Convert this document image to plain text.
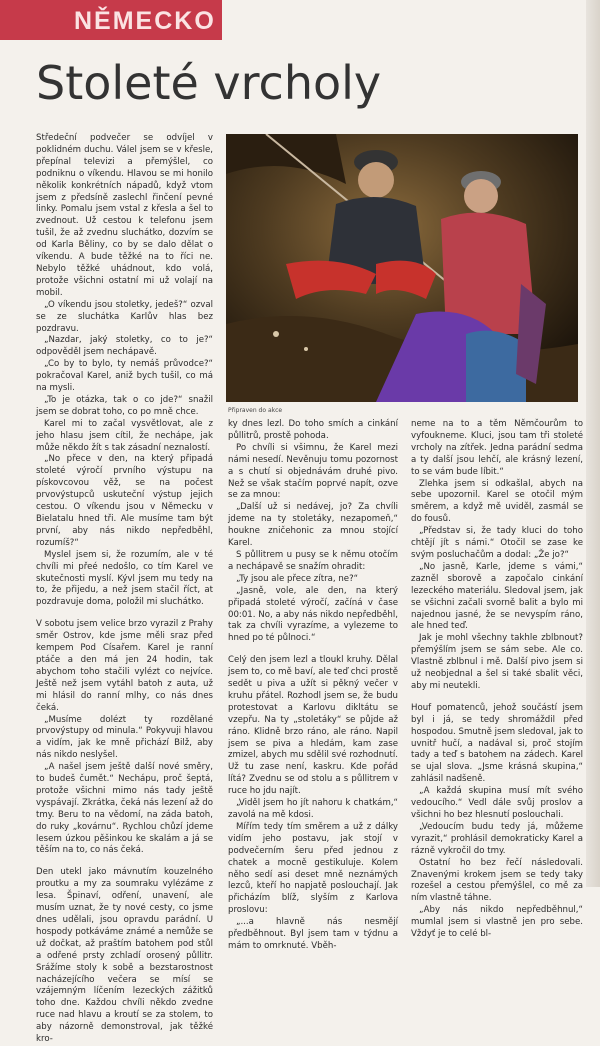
NĚMECKO
Stoleté vrcholy
Připraven do akce

Středeční podvečer se odvíjel v poklidném duchu. Válel jsem se v křesle, přepínal televizi a přemýšlel, co podniknu o víkendu. Hlavou se mi honilo několik konkrétních nápadů, když vtom jsem z předsíně zaslechl řinčení pevné linky. Pomalu jsem vstal z křesla a šel to zvednout. Už cestou k telefonu jsem tušil, že až zvednu sluchátko, dozvím se od Karla Běliny, co by se dalo dělat o víkendu. A bude těžké na to říci ne. Nebylo těžké uhádnout, kdo volá, protože všichni ostatní mi už volají na mobil.

„O víkendu jsou stoletky, jedeš?“ ozval se ze sluchátka Karlův hlas bez pozdravu.

„Nazdar, jaký stoletky, co to je?“ odpověděl jsem nechápavě.

„Co by to bylo, ty nemáš průvodce?“ pokračoval Karel, aniž bych tušil, co má na mysli.

„To je otázka, tak o co jde?“ snažil jsem se dobrat toho, co po mně chce.

Karel mi to začal vysvětlovat, ale z jeho hlasu jsem cítil, že nechápe, jak může někdo žít s tak zásadní neznalostí.

„No přece v den, na který připadá stoleté výročí prvního výstupu na pískovcovou věž, se na počest prvovýstupců uskuteční výstup jejich cestou. O víkendu jsou v Německu v Bielatalu hned tři. Ale musíme tam být první, aby nás nikdo nepředběhl, rozumíš?“

Myslel jsem si, že rozumím, ale v té chvíli mi přeé nedošlo, co tím Karel ve skutečnosti myslí. Kývl jsem mu tedy na to, že přijedu, a než jsem stačil říct, at pozdravuje doma, položil mi sluchátko.

V sobotu jsem velice brzo vyrazil z Prahy směr Ostrov, kde jsme měli sraz před kempem Pod Císařem. Karel je ranní ptáče a den má jen 24 hodin, tak abychom toho stačili vylézt co nejvíce. Ještě než jsem vytáhl batoh z auta, už mi hlásil do ranní mlhy, co nás dnes čeká.

„Musíme dolézt ty rozdělané prvovýstupy od minula.“ Pokyvuji hlavou a vidím, jak ke mně přichází Bilž, aby nás nikdo neslyšel.

„A našel jsem ještě další nové směry, to budeš čumět.“ Nechápu, proč šeptá, protože všichni mimo nás tady ještě vyspávají. Zkrátka, čeká nás lezení až do tmy. Beru to na vědomí, na záda batoh, do ruky „kovárnu“. Rychlou chůzí jdeme lesem úzkou pěšinkou ke skalám a já se těším na to, co nás čeká.

Den utekl jako mávnutím kouzelného proutku a my za soumraku vylézáme z lesa. Špinaví, odření, unavení, ale musím uznat, že ty nové cesty, co jsme dnes udělali, jsou opravdu parádní. U hospody potkáváme známé a nemůže se už dočkat, až praštím batohem pod stůl a odřené prsty zchladí orosený půllitr. Srážíme stoly k sobě a bezstarostnost nacházejícího večera se mísí se vzájemným líčením lezeckých zážitků toho dne. Každou chvíli někdo zvedne ruce nad hlavu a kroutí se za stolem, to aby názorně demonstroval, jak těžké kro-

ky dnes lezl. Do toho smích a cinkání půllitrů, prostě pohoda.

Po chvíli si všimnu, že Karel mezi námi nesedí. Nevěnuju tomu pozornost a s chutí si objednávám druhé pivo. Než se však stačím poprvé napít, ozve se za mnou:

„Další už si nedávej, jo? Za chvíli jdeme na ty stoletáky, nezapomeň,“ houkne zničehonic za mnou stojící Karel.

S půllitrem u pusy se k němu otočím a nechápavě se snažím ohradit:

„Ty jsou ale přece zítra, ne?“

„Jasně, vole, ale den, na který připadá stoleté výročí, začíná v čase 00:01. No, a aby nás nikdo nepředběhl, tak za chvíli vyrazíme, a vylezeme to hned po té půlnoci.“

Celý den jsem lezl a tloukl kruhy. Dělal jsem to, co mě baví, ale teď chci prostě sedět u piva a užít si pěkný večer v kruhu přátel. Rozhodl jsem se, že budu protestovat a Karlovu dikltátu se vzepřu. Na ty „stoletáky“ se půjde až ráno. Klidně brzo ráno, ale ráno. Napil jsem se piva a hledám, kam zase zmizel, abych mu sdělil své rozhodnutí. Už tu zase není, kaskru. Kde pořád lítá? Zvednu se od stolu a s půllitrem v ruce ho jdu najít.

„Viděl jsem ho jít nahoru k chatkám,“ zavolá na mě kdosi.

Mířím tedy tím směrem a už z dálky vidím jeho postavu, jak stojí v podvečerním šeru před jednou z chatek a mocně gestikuluje. Kolem něho sedí asi deset mně neznámých lezců, kteří ho napjatě poslouchají. Jak přicházím blíž, slyším z Karlova proslovu:

„...a hlavně nás nesmějí předběhnout. Byl jsem tam v týdnu a mám to omrknuté. Vběh-

neme na to a těm Němčourům to vyfoukneme. Kluci, jsou tam tři stoleté vrcholy na zítřek. Jedna parádní sedma a ty další jsou lehčí, ale krásný lezení, to se vám bude líbit.“

Zlehka jsem si odkašlal, abych na sebe upozornil. Karel se otočil mým směrem, a když mě uviděl, zasmál se do fousů.

„Představ si, že tady kluci do toho chtějí jít s námi.“ Otočil se zase ke svým posluchačům a dodal: „Že jo?“

„No jasně, Karle, jdeme s vámi,“ zazněl sborově a započalo cinkání lezeckého materiálu. Sledoval jsem, jak se všichni začali svorně balit a bylo mi najednou jasné, že se nevyspím ráno, ale hned teď.

Jak je mohl všechny takhle zblbnout? přemýšlím jsem se sám sebe. Ale co. Vlastně zblbnul i mě. Další pivo jsem si už neobjednal a šel si také sbalit věci, aby mi neutekli.

Houf pomatenců, jehož součástí jsem byl i já, se tedy shromáždil před hospodou. Smutně jsem sledoval, jak to uvnitř hučí, a nadával si, proč stojím tady a teď s batohem na zádech. Karel se ujal slova. „Jsme krásná skupina,“ zahlásil nadšeně.

„A každá skupina musí mít svého vedoucího.“ Vedl dále svůj proslov a všichni ho bez hlesnutí poslouchali.

„Vedoucím budu tedy já, můžeme vyrazit,“ prohlásil demokraticky Karel a rázně vykročil do tmy.

Ostatní ho bez řečí následovali. Znavenými krokem jsem se tedy taky rozešel a cestou přemýšlel, co mě za ním vlastně táhne.

„Aby nás nikdo nepředběhnul,“ mumlal jsem si vlastně jen pro sebe. Vždyť je to celé bl-
